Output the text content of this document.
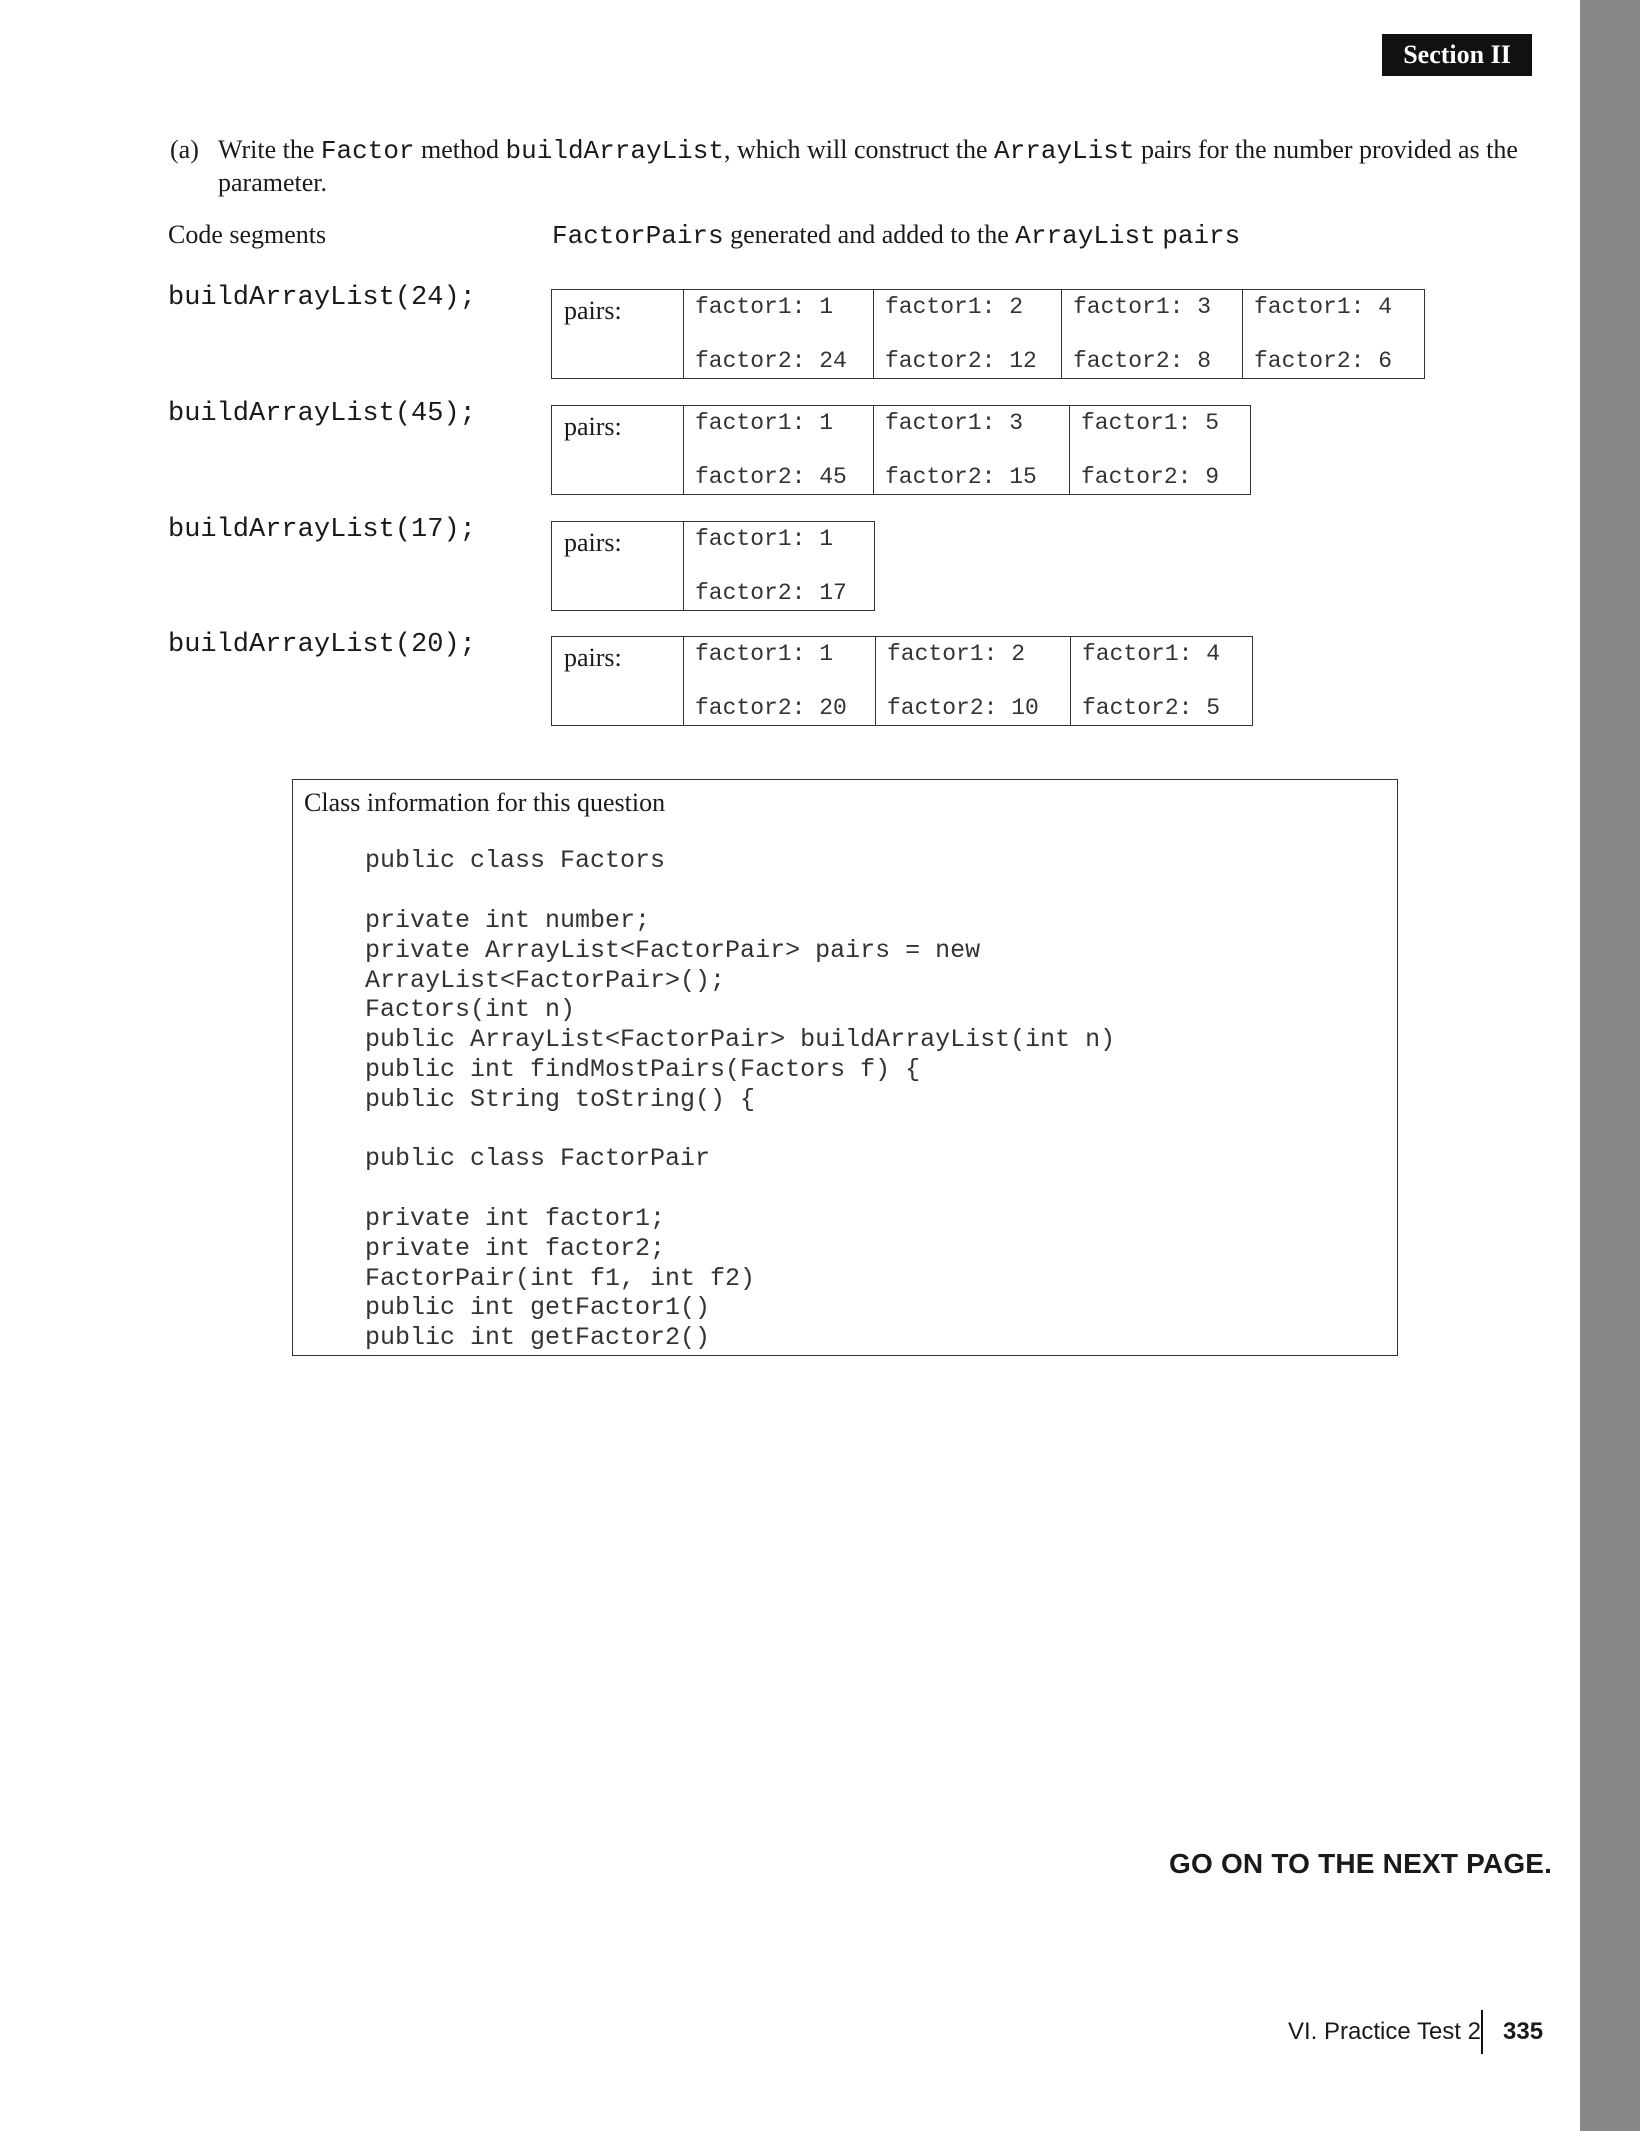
Section II
(a) Write the Factor method buildArrayList, which will construct the ArrayList pairs for the number provided as the parameter.
Code segments	FactorPairs generated and added to the ArrayList pairs
buildArrayList(24);	pairs:	factor1: 1
factor2: 24
factor1: 2
factor2: 12
factor1: 3
factor2: 8
factor1: 4
factor2: 6
buildArrayList(45);	pairs:	factor1: 1
factor2: 45
factor1: 3
factor2: 15
factor1: 5
factor2: 9
buildArrayList(17);	pairs:	factor1: 1
factor2: 17
buildArrayList(20);	pairs:	factor1: 1
factor2: 20
factor1: 2
factor2: 10
factor1: 4
factor2: 5
Class information for this question
public class Factors
private int number;
private ArrayList<FactorPair> pairs = new
ArrayList<FactorPair>();
Factors(int n)
public ArrayList<FactorPair> buildArrayList(int n)
public int findMostPairs(Factors f) {
public String toString() {
public class FactorPair
private int factor1;
private int factor2;
FactorPair(int f1, int f2)
public int getFactor1()
public int getFactor2()
GO ON TO THE NEXT PAGE.
VI. Practice Test 2 335
